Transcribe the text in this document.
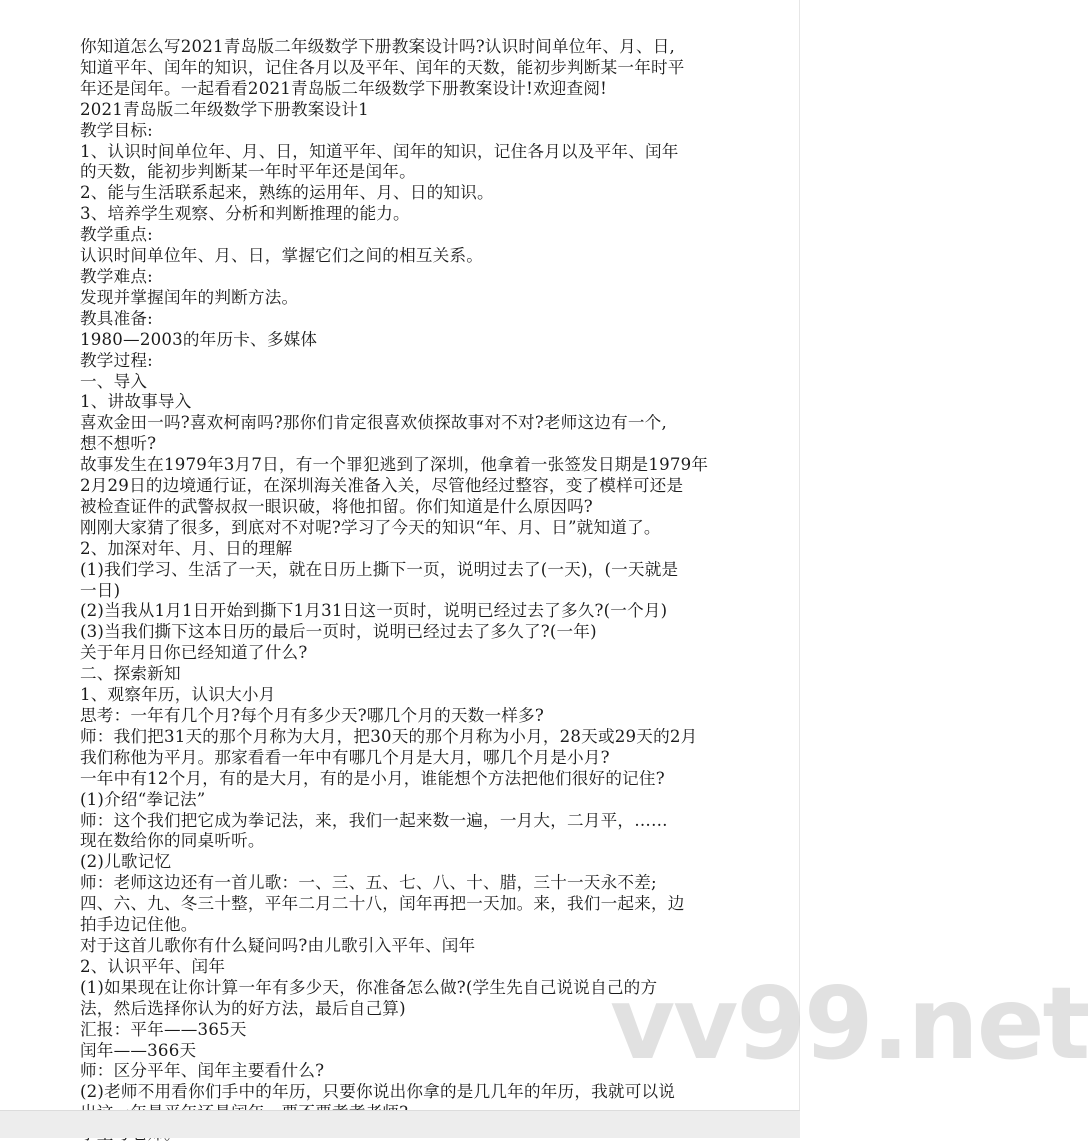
你知道怎么写2021青岛版二年级数学下册教案设计吗?认识时间单位年、月、日,
知道平年、闰年的知识，记住各月以及平年、闰年的天数，能初步判断某一年时平
年还是闰年。一起看看2021青岛版二年级数学下册教案设计!欢迎查阅!
2021青岛版二年级数学下册教案设计1
教学目标:
1、认识时间单位年、月、日，知道平年、闰年的知识，记住各月以及平年、闰年
的天数，能初步判断某一年时平年还是闰年。
2、能与生活联系起来，熟练的运用年、月、日的知识。
3、培养学生观察、分析和判断推理的能力。
教学重点:
认识时间单位年、月、日，掌握它们之间的相互关系。
教学难点:
发现并掌握闰年的判断方法。
教具准备:
1980—2003的年历卡、多媒体
教学过程:
一、导入
1、讲故事导入
喜欢金田一吗?喜欢柯南吗?那你们肯定很喜欢侦探故事对不对?老师这边有一个,
想不想听?
故事发生在1979年3月7日，有一个罪犯逃到了深圳，他拿着一张签发日期是1979年
2月29日的边境通行证，在深圳海关准备入关，尽管他经过整容，变了模样可还是
被检查证件的武警叔叔一眼识破，将他扣留。你们知道是什么原因吗?
刚刚大家猜了很多，到底对不对呢?学习了今天的知识“年、月、日”就知道了。
2、加深对年、月、日的理解
(1)我们学习、生活了一天，就在日历上撕下一页，说明过去了(一天)，(一天就是
一日)
(2)当我从1月1日开始到撕下1月31日这一页时，说明已经过去了多久?(一个月)
(3)当我们撕下这本日历的最后一页时，说明已经过去了多久了?(一年)
关于年月日你已经知道了什么?
二、探索新知
1、观察年历，认识大小月
思考：一年有几个月?每个月有多少天?哪几个月的天数一样多?
师：我们把31天的那个月称为大月，把30天的那个月称为小月，28天或29天的2月
我们称他为平月。那家看看一年中有哪几个月是大月，哪几个月是小月?
一年中有12个月，有的是大月，有的是小月，谁能想个方法把他们很好的记住?
(1)介绍“拳记法”
师：这个我们把它成为拳记法，来，我们一起来数一遍，一月大，二月平，……
现在数给你的同桌听听。
(2)儿歌记忆
师：老师这边还有一首儿歌：一、三、五、七、八、十、腊，三十一天永不差;
四、六、九、冬三十整，平年二月二十八，闰年再把一天加。来，我们一起来，边
拍手边记住他。
对于这首儿歌你有什么疑问吗?由儿歌引入平年、闰年
2、认识平年、闰年
(1)如果现在让你计算一年有多少天，你准备怎么做?(学生先自己说说自己的方
法，然后选择你认为的好方法，最后自己算)
汇报：平年——365天
闰年——366天
师：区分平年、闰年主要看什么?
(2)老师不用看你们手中的年历，只要你说出你拿的是几几年的年历，我就可以说
vv99.net
